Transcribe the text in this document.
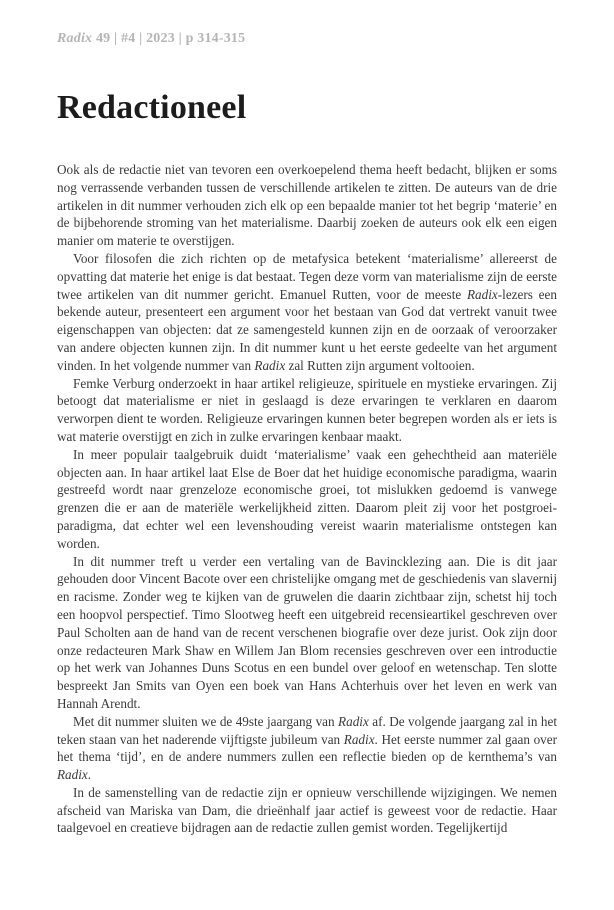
Radix 49 | #4 | 2023 | p 314-315
Redactioneel

Ook als de redactie niet van tevoren een overkoepelend thema heeft bedacht, blijken er soms nog verrassende verbanden tussen de verschillende artikelen te zitten. De auteurs van de drie artikelen in dit nummer verhouden zich elk op een bepaalde manier tot het begrip ‘materie’ en de bijbehorende stroming van het materialisme. Daarbij zoeken de auteurs ook elk een eigen manier om materie te overstijgen.

Voor filosofen die zich richten op de metafysica betekent ‘materialisme’ allereerst de opvatting dat materie het enige is dat bestaat. Tegen deze vorm van materialisme zijn de eerste twee artikelen van dit nummer gericht. Emanuel Rutten, voor de meeste Radix-lezers een bekende auteur, presenteert een argument voor het bestaan van God dat vertrekt vanuit twee eigenschappen van objecten: dat ze samengesteld kunnen zijn en de oorzaak of veroorzaker van andere objecten kunnen zijn. In dit nummer kunt u het eerste gedeelte van het argument vinden. In het volgende nummer van Radix zal Rutten zijn argument voltooien.

Femke Verburg onderzoekt in haar artikel religieuze, spirituele en mystieke ervaringen. Zij betoogt dat materialisme er niet in geslaagd is deze ervaringen te verklaren en daarom verworpen dient te worden. Religieuze ervaringen kunnen beter begrepen worden als er iets is wat materie overstijgt en zich in zulke ervaringen kenbaar maakt.

In meer populair taalgebruik duidt ‘materialisme’ vaak een gehechtheid aan materiële objecten aan. In haar artikel laat Else de Boer dat het huidige economische paradigma, waarin gestreefd wordt naar grenzeloze economische groei, tot mislukken gedoemd is vanwege grenzen die er aan de materiële werkelijkheid zitten. Daarom pleit zij voor het postgroei-paradigma, dat echter wel een levenshouding vereist waarin materialisme ontstegen kan worden.

In dit nummer treft u verder een vertaling van de Bavincklezing aan. Die is dit jaar gehouden door Vincent Bacote over een christelijke omgang met de geschiedenis van slavernij en racisme. Zonder weg te kijken van de gruwelen die daarin zichtbaar zijn, schetst hij toch een hoopvol perspectief. Timo Slootweg heeft een uitgebreid recensieartikel geschreven over Paul Scholten aan de hand van de recent verschenen biografie over deze jurist. Ook zijn door onze redacteuren Mark Shaw en Willem Jan Blom recensies geschreven over een introductie op het werk van Johannes Duns Scotus en een bundel over geloof en wetenschap. Ten slotte bespreekt Jan Smits van Oyen een boek van Hans Achterhuis over het leven en werk van Hannah Arendt.

Met dit nummer sluiten we de 49ste jaargang van Radix af. De volgende jaargang zal in het teken staan van het naderende vijftigste jubileum van Radix. Het eerste nummer zal gaan over het thema ‘tijd’, en de andere nummers zullen een reflectie bieden op de kernthema’s van Radix.

In de samenstelling van de redactie zijn er opnieuw verschillende wijzigingen. We nemen afscheid van Mariska van Dam, die drieënhalf jaar actief is geweest voor de redactie. Haar taalgevoel en creatieve bijdragen aan de redactie zullen gemist worden. Tegelijkertijd
